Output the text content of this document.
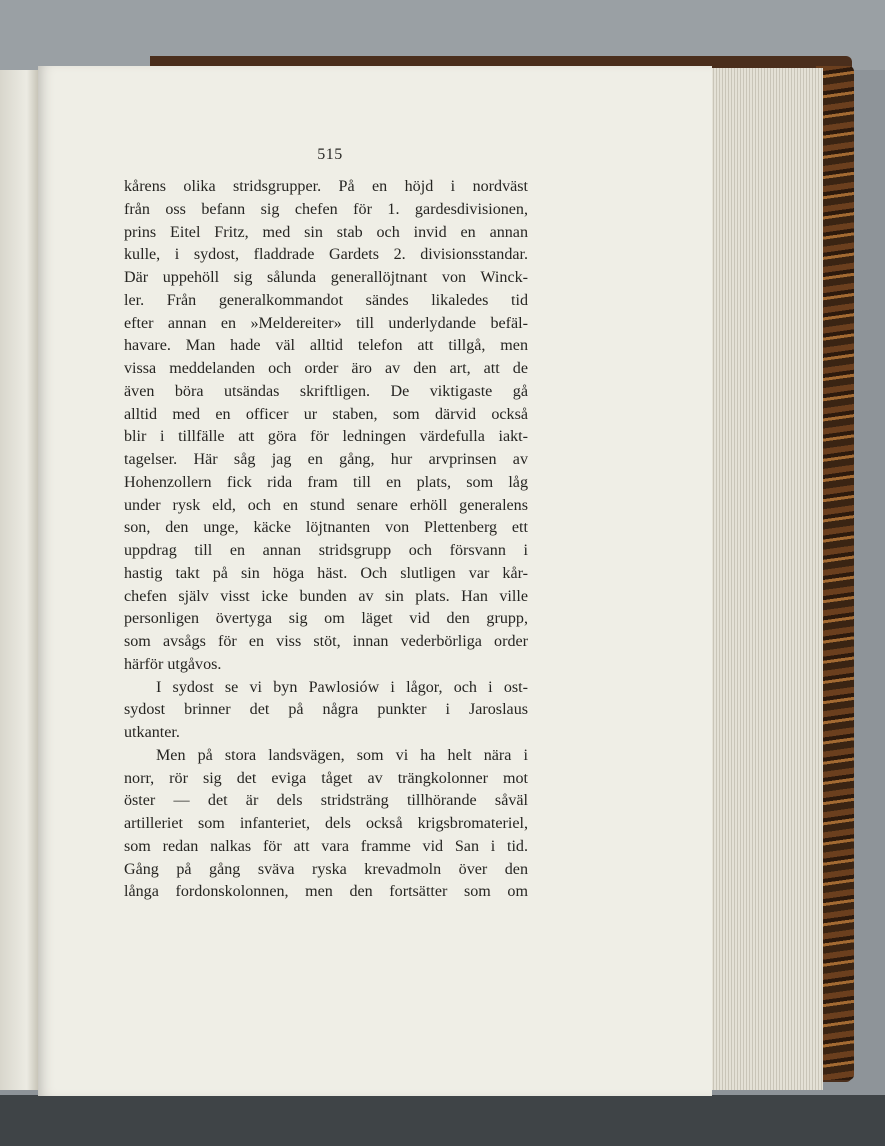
515
kårens olika stridsgrupper. På en höjd i nordväst
från oss befann sig chefen för 1. gardesdivisionen,
prins Eitel Fritz, med sin stab och invid en annan
kulle, i sydost, fladdrade Gardets 2. divisionsstandar.
Där uppehöll sig sålunda generallöjtnant von Winck-
ler. Från generalkommandot sändes likaledes tid
efter annan en »Meldereiter» till underlydande befäl-
havare. Man hade väl alltid telefon att tillgå, men
vissa meddelanden och order äro av den art, att de
även böra utsändas skriftligen. De viktigaste gå
alltid med en officer ur staben, som därvid också
blir i tillfälle att göra för ledningen värdefulla iakt-
tagelser. Här såg jag en gång, hur arvprinsen av
Hohenzollern fick rida fram till en plats, som låg
under rysk eld, och en stund senare erhöll generalens
son, den unge, käcke löjtnanten von Plettenberg ett
uppdrag till en annan stridsgrupp och försvann i
hastig takt på sin höga häst. Och slutligen var kår-
chefen själv visst icke bunden av sin plats. Han ville
personligen övertyga sig om läget vid den grupp,
som avsågs för en viss stöt, innan vederbörliga order
härför utgåvos.
I sydost se vi byn Pawlosiów i lågor, och i ost-
sydost brinner det på några punkter i Jaroslaus
utkanter.
Men på stora landsvägen, som vi ha helt nära i
norr, rör sig det eviga tåget av trängkolonner mot
öster — det är dels stridsträng tillhörande såväl
artilleriet som infanteriet, dels också krigsbromateriel,
som redan nalkas för att vara framme vid San i tid.
Gång på gång sväva ryska krevadmoln över den
långa fordonskolonnen, men den fortsätter som om
